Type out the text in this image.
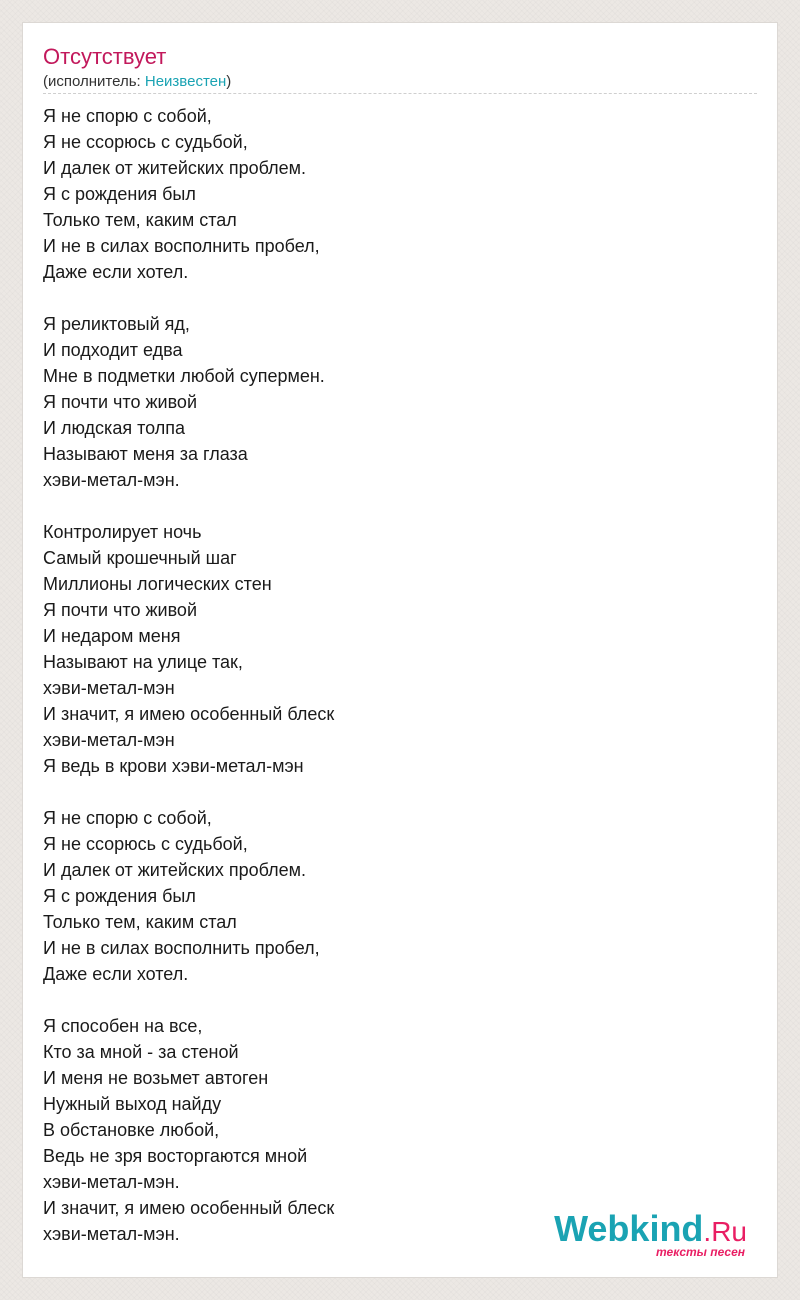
Отсутствует
(исполнитель: Неизвестен)
Я не спорю с собой,
Я не ссорюсь с судьбой,
И далек от житейских проблем.
Я с рождения был
Только тем, каким стал
И не в силах восполнить пробел,
Даже если хотел.
Я реликтовый яд,
И подходит едва
Мне в подметки любой супермен.
Я почти что живой
И людская толпа
Называют меня за глаза
хэви-метал-мэн.
Контролирует ночь
Самый крошечный шаг
Миллионы логических стен
Я почти что живой
И недаром меня
Называют на улице так,
хэви-метал-мэн
И значит, я имею особенный блеск
хэви-метал-мэн
Я ведь в крови хэви-метал-мэн
Я не спорю с собой,
Я не ссорюсь с судьбой,
И далек от житейских проблем.
Я с рождения был
Только тем, каким стал
И не в силах восполнить пробел,
Даже если хотел.
Я способен на все,
Кто за мной - за стеной
И меня не возьмет автоген
Нужный выход найду
В обстановке любой,
Ведь не зря восторгаются мной
хэви-метал-мэн.
И значит, я имею особенный блеск
хэви-метал-мэн.	Webkind.Ru
тексты песен
